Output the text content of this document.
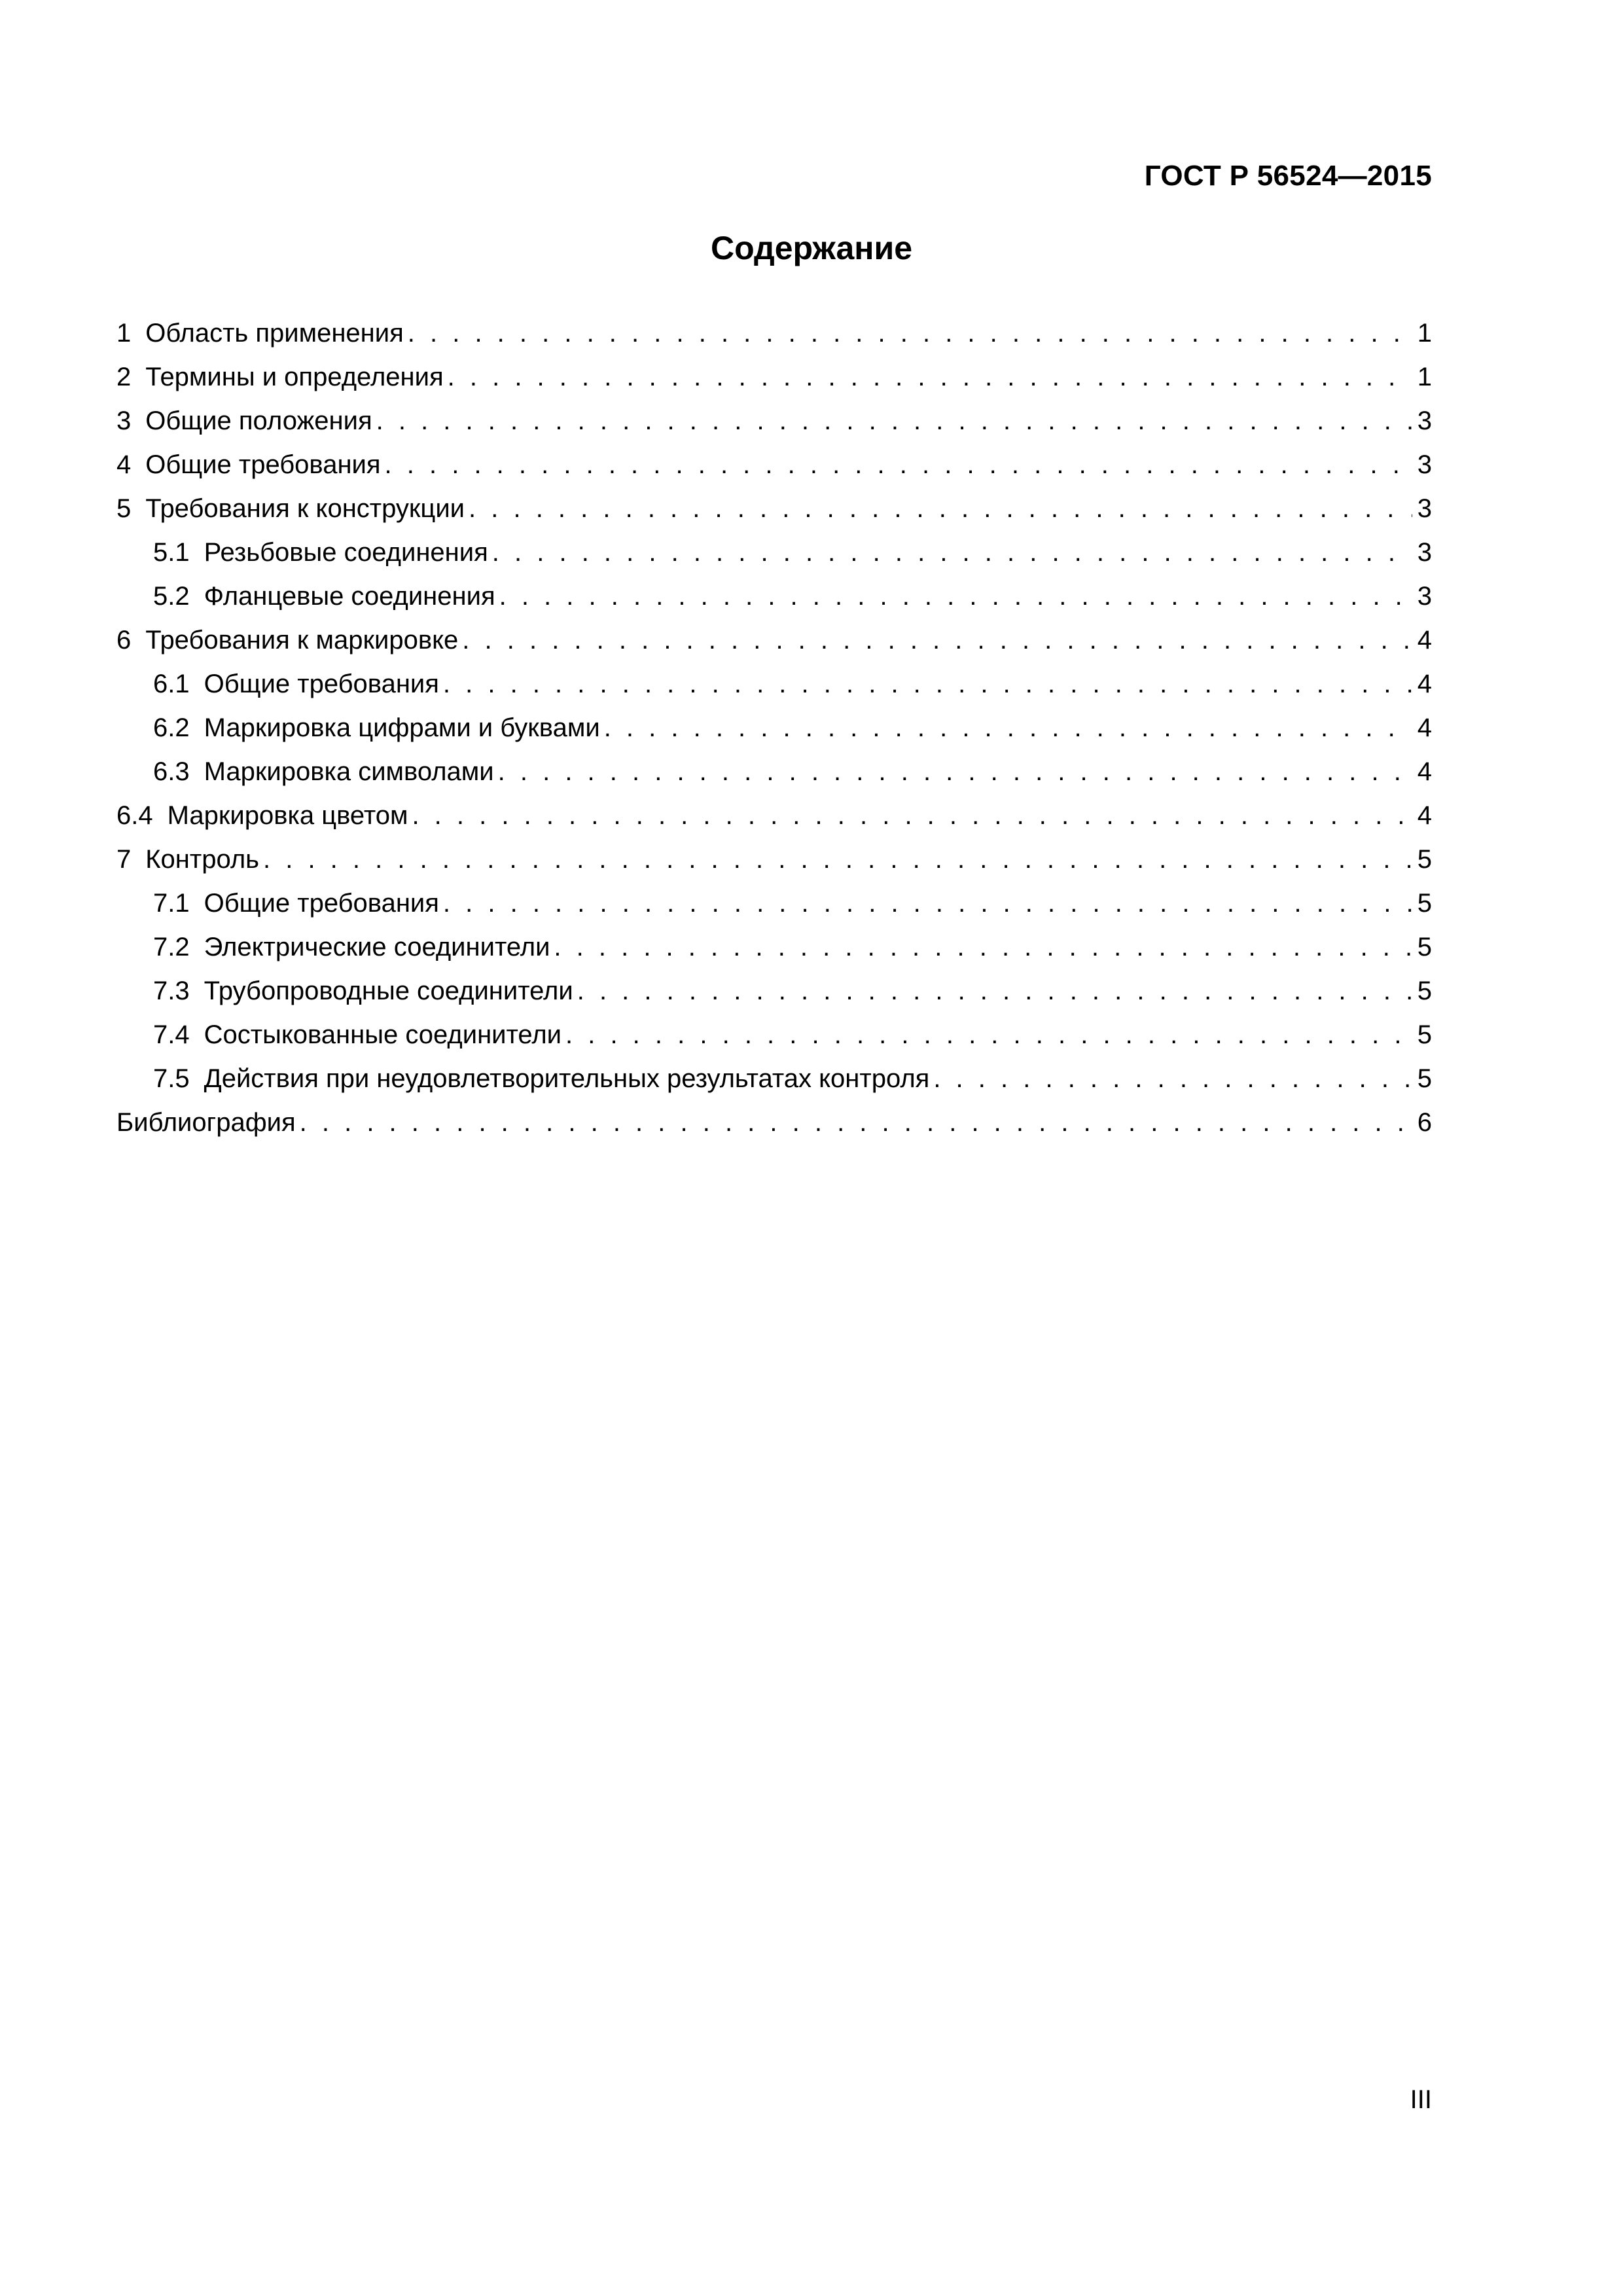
ГОСТ Р 56524—2015
Содержание
1 Область применения . . .	1
2 Термины и определения . . .	1
3 Общие положения . . .	3
4 Общие требования . . .	3
5 Требования к конструкции . . .	3
5.1 Резьбовые соединения . . .	3
5.2 Фланцевые соединения . . .	3
6 Требования к маркировке . . .	4
6.1 Общие требования . . .	4
6.2 Маркировка цифрами и буквами . . .	4
6.3 Маркировка символами . . .	4
6.4 Маркировка цветом . . .	4
7 Контроль . . .	5
7.1 Общие требования . . .	5
7.2 Электрические соединители . . .	5
7.3 Трубопроводные соединители . . .	5
7.4 Состыкованные соединители . . .	5
7.5 Действия при неудовлетворительных результатах контроля . . .	5
Библиография . . .	6
III
